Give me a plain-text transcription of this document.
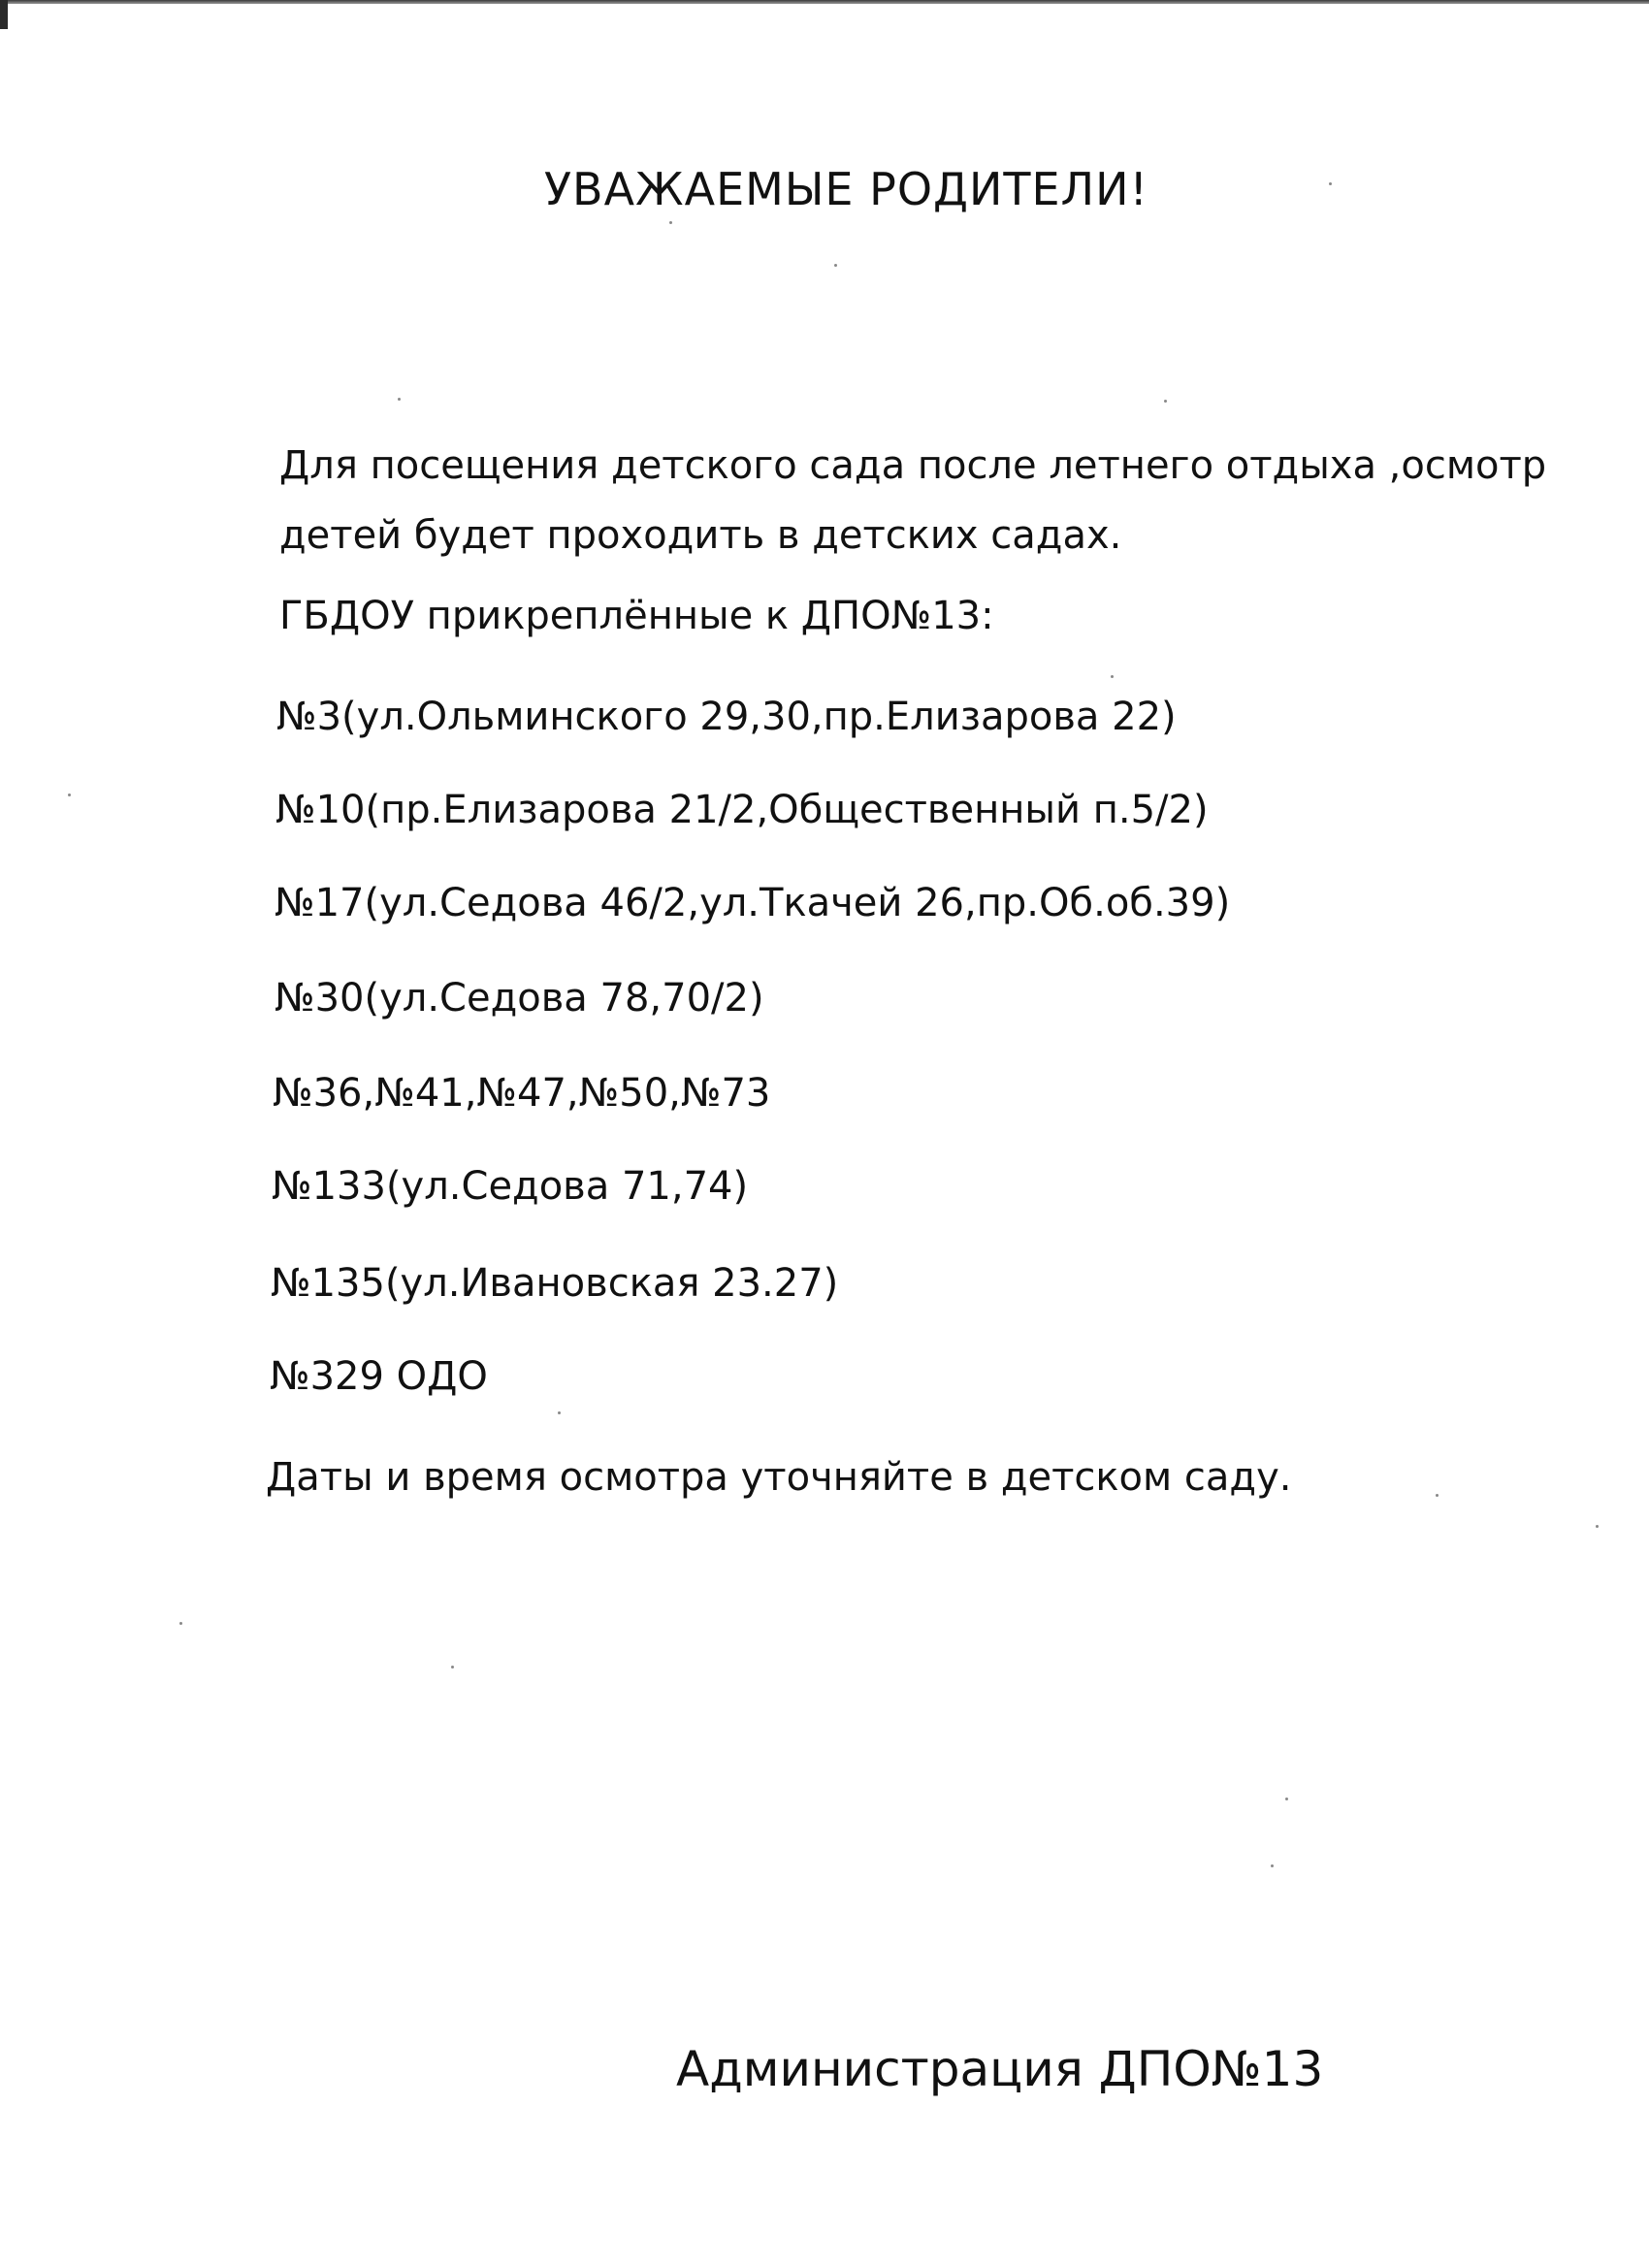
УВАЖАЕМЫЕ РОДИТЕЛИ!
Для посещения детского сада после летнего отдыха ,осмотр
детей будет проходить в детских садах.
ГБДОУ прикреплённые к ДПО№13:
№3(ул.Ольминского 29,30,пр.Елизарова 22)
№10(пр.Елизарова 21/2,Общественный п.5/2)
№17(ул.Седова 46/2,ул.Ткачей 26,пр.Об.об.39)
№30(ул.Седова 78,70/2)
№36,№41,№47,№50,№73
№133(ул.Седова 71,74)
№135(ул.Ивановская 23.27)
№329 ОДО
Даты и время осмотра уточняйте в детском саду.
Администрация ДПО№13
